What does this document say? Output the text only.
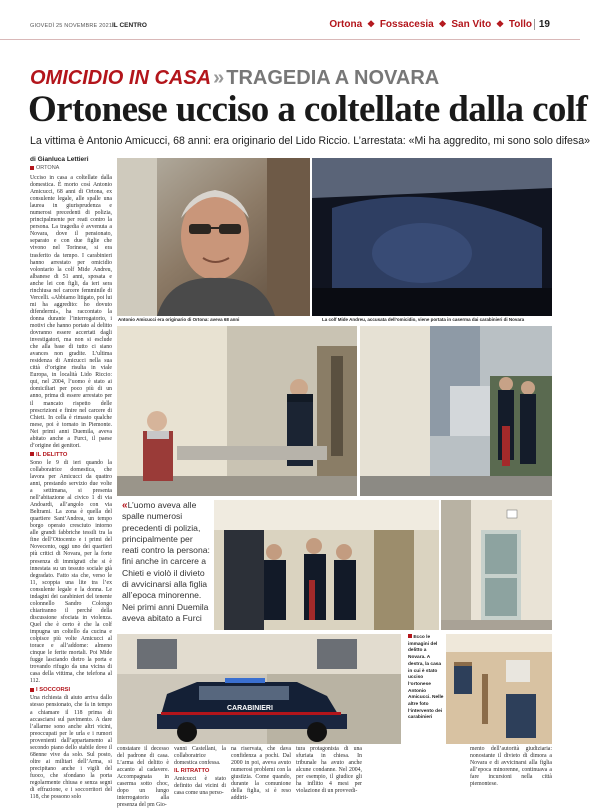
GIOVEDÌ 25 NOVEMBRE 2021 IL CENTRO	Ortona ❖ Fossacesia ❖ San Vito ❖ Tollo 19
OMICIDIO IN CASA » TRAGEDIA A NOVARA
Ortonese ucciso a coltellate dalla colf
La vittima è Antonio Amicucci, 68 anni: era originario del Lido Riccio. L’arrestata: «Mi ha aggredito, mi sono solo difesa»
di Gianluca Lettieri
ORTONA
Ucciso in casa a coltellate dalla domestica. È morto così Antonio Amicucci, 68 anni di Ortona, ex consulente legale, alle spalle una laurea in giurisprudenza e numerosi precedenti di polizia, principalmente per reati contro la persona. La tragedia è avvenuta a Novara, dove il pensionato, separato e con due figlie che vivono nel Torinese, si era trasferito da tempo. I carabinieri hanno arrestato per omicidio volontario la colf Mide Andreu, albanese di 51 anni, sposata e anche lei con figli, da ieri sera rinchiusa nel carcere femminile di Vercelli. «Abbiamo litigato, poi lui mi ha aggredito: ho dovuto difendermi», ha raccontato la donna durante l’interrogatorio, i motivi che hanno portato al delitto dovranno essere accertati dagli investigatori, ma non si esclude che alla base di tutto ci siano avances non gradite. L’ultima residenza di Amicucci nella sua città d’origine risulta in viale Europa, in località Lido Riccio: qui, nel 2004, l’uomo è stato ai domiciliari per poco più di un anno, prima di essere arrestato per il mancato rispetto delle prescrizioni e finire nel carcere di Chieti. In cella è rimasto qualche mese, poi è tornato in Piemonte. Nei primi anni Duemila, aveva abitato anche a Furci, il paese d’origine dei genitori.
IL DELITTO
Sono le 9 di ieri quando la collaboratrice domestica, che lavora per Amicucci da quattro anni, prestando servizio due volte a settimana, si presenta nell’abitazione al civico 1 di via Andoardi, all’angolo con via Beltrami. La zona è quella del quartiere Sant’Andrea, un tempo borgo operaio cresciuto intorno alle grandi fabbriche tessili tra la fine dell’Ottocento e i primi del Novecento, oggi uno dei quartieri più critici di Novara, per la forte presenza di immigrati che si è innestata su un tessuto sociale già degradato. Fatto sta che, verso le 11, scoppia una lite tra l’ex consulente legale e la donna. Le indagini dei carabinieri del tenente colonnello Sandro Colongo chiariranno il perché della discussione sfociata in violenza. Quel che è certo è che la colf impugna un coltello da cucina e colpisce più volte Amicucci al torace e all’addome: almeno cinque le ferite mortali. Poi Mide fugge lasciando dietro la porta e trovando rifugio da una vicina di casa della vittima, che telefona al 112.
I SOCCORSI
Una richiesta di aiuto arriva dallo stesso pensionato, che fa in tempo a chiamare il 118 prima di accasciarsi sul pavimento. A dare l’allarme sono anche altri vicini, preoccupati per le urla e i rumori provenienti dall’appartamento al secondo piano dello stabile dove il 68enne vive da solo. Sul posto, oltre ai militari dell’Arma, si precipitano anche i vigili del fuoco, che sfondano la porta regolarmente chiusa e senza segni di effrazione, e i soccorritori del 118, che possono solo
Antonio Amicucci era originario di Ortona: aveva 68 anni	La colf Mide Andreu, accusata dell’omicidio, viene portata in caserma dai carabinieri di Novara
«L’uomo aveva alle spalle numerosi precedenti di polizia, principalmente per reati contro la persona: fini anche in carcere a Chieti e violò il divieto di avvicinarsi alla figlia all’epoca minorenne. Nei primi anni Duemila aveva abitato a Furci
CARABINIERI
Ecco le immagini del delitto a Novara. A destra, la casa in cui è stato ucciso l’ortonese Antonio Amicucci. Nelle altre foto l’intervento dei carabinieri
constatare il decesso del padrone di casa. L’arma del delitto è accanto al cadavere. Accompagnata in caserma sotto choc, dopo un lungo interrogatorio alla presenza del pm Gio-
vanni Castellani, la collaboratrice domestica confessa.
IL RITRATTO
Amicucci è stato definito dai vicini di casa come una perso-
na riservata, che dava confidenza a pochi. Dal 2000 in poi, aveva avuto numerosi problemi con la giustizia. Come quando, durante la comunione della figlia, si è reso addirit-
tura protagonista di una sfuriata in chiesa. In tribunale ha avuto anche alcune condanne. Nel 2004, per esempio, il giudice gli ha inflitto 4 mesi per violazione di un provvedi-
mento dell’autorità giudiziaria: nonostante il divieto di dimora a Novara e di avvicinarsi alla figlia all’epoca minorenne, continuava a fare incursioni nella città piemontese.
